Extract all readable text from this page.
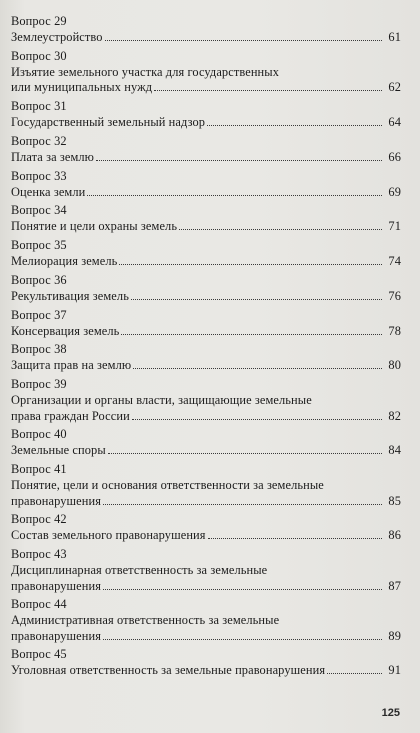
Вопрос 29
Землеустройство	61
Вопрос 30
Изъятие земельного участка для государственных
или муниципальных нужд	62
Вопрос 31
Государственный земельный надзор	64
Вопрос 32
Плата за землю	66
Вопрос 33
Оценка земли	69
Вопрос 34
Понятие и цели охраны земель	71
Вопрос 35
Мелиорация земель	74
Вопрос 36
Рекультивация земель	76
Вопрос 37
Консервация земель	78
Вопрос 38
Защита прав на землю	80
Вопрос 39
Организации и органы власти, защищающие земельные
права граждан России	82
Вопрос 40
Земельные споры	84
Вопрос 41
Понятие, цели и основания ответственности за земельные
правонарушения	85
Вопрос 42
Состав земельного правонарушения	86
Вопрос 43
Дисциплинарная ответственность за земельные
правонарушения	87
Вопрос 44
Административная ответственность за земельные
правонарушения	89
Вопрос 45
Уголовная ответственность за земельные правонарушения	91
125
